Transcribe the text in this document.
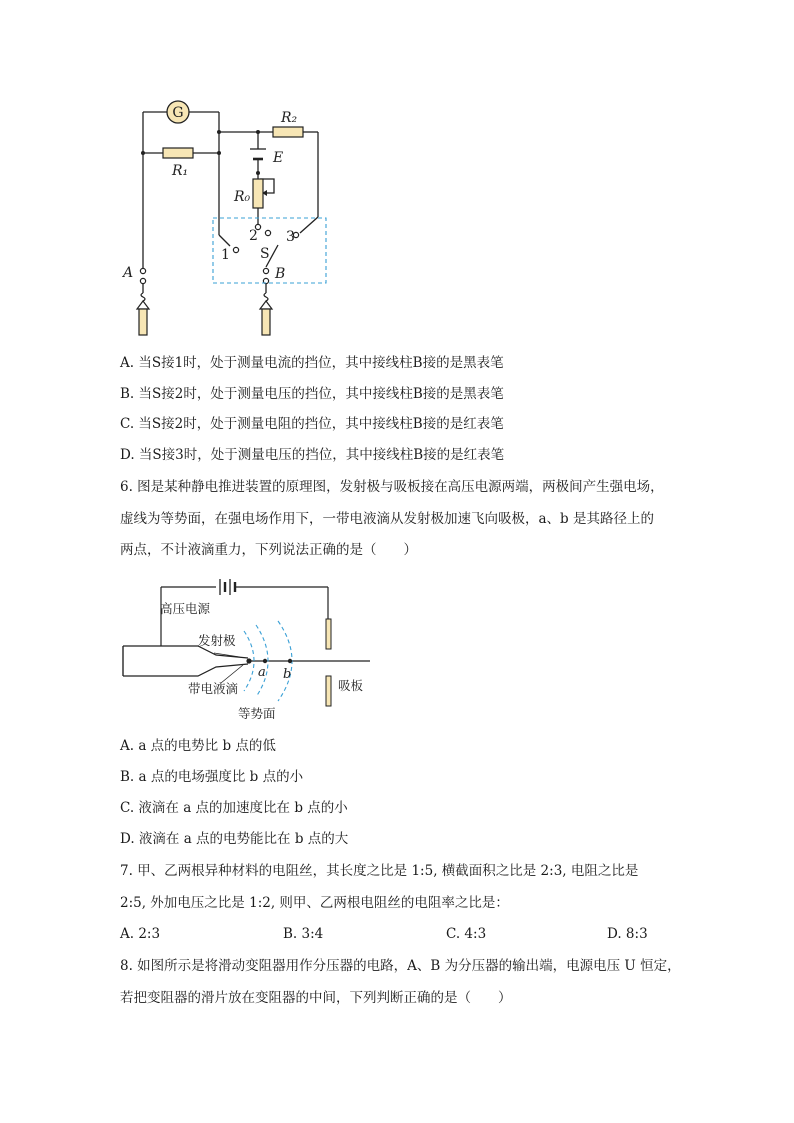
G	R₂
R₁
E
R₀
1
2 3
S
A	B
A. 当S接1时，处于测量电流的挡位，其中接线柱B接的是黑表笔
B. 当S接2时，处于测量电压的挡位，其中接线柱B接的是黑表笔
C. 当S接2时，处于测量电阻的挡位，其中接线柱B接的是红表笔
D. 当S接3时，处于测量电压的挡位，其中接线柱B接的是红表笔
6. 图是某种静电推进装置的原理图，发射极与吸板接在高压电源两端，两极间产生强电场，
虚线为等势面，在强电场作用下，一带电液滴从发射极加速飞向吸极，a、b 是其路径上的
两点，不计液滴重力，下列说法正确的是（　　）
高压电源
发射极
带电液滴
等势面
吸板
a b
A. a 点的电势比 b 点的低
B. a 点的电场强度比 b 点的小
C. 液滴在 a 点的加速度比在 b 点的小
D. 液滴在 a 点的电势能比在 b 点的大
7. 甲、乙两根异种材料的电阻丝，其长度之比是 1:5, 横截面积之比是 2:3, 电阻之比是
2:5, 外加电压之比是 1:2, 则甲、乙两根电阻丝的电阻率之比是：
A. 2:3	B. 3:4	C. 4:3	D. 8:3
8. 如图所示是将滑动变阻器用作分压器的电路，A、B 为分压器的输出端，电源电压 U 恒定，
若把变阻器的滑片放在变阻器的中间，下列判断正确的是（　　）
